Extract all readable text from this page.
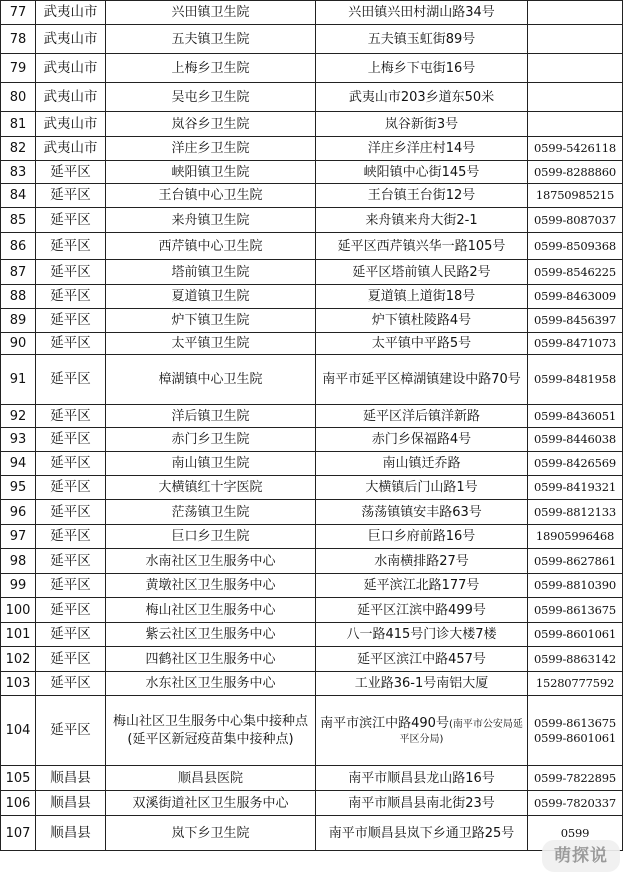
77	武夷山市	兴田镇卫生院	兴田镇兴田村湖山路34号	
78	武夷山市	五夫镇卫生院	五夫镇玉虹街89号	
79	武夷山市	上梅乡卫生院	上梅乡下屯街16号	
80	武夷山市	吴屯乡卫生院	武夷山市203乡道东50米	
81	武夷山市	岚谷乡卫生院	岚谷新街3号	
82	武夷山市	洋庄乡卫生院	洋庄乡洋庄村14号	0599-5426118
83	延平区	峡阳镇卫生院	峡阳镇中心街145号	0599-8288860
84	延平区	王台镇中心卫生院	王台镇王台街12号	18750985215
85	延平区	来舟镇卫生院	来舟镇来舟大街2-1	0599-8087037
86	延平区	西芹镇中心卫生院	延平区西芹镇兴华一路105号	0599-8509368
87	延平区	塔前镇卫生院	延平区塔前镇人民路2号	0599-8546225
88	延平区	夏道镇卫生院	夏道镇上道街18号	0599-8463009
89	延平区	炉下镇卫生院	炉下镇杜陵路4号	0599-8456397
90	延平区	太平镇卫生院	太平镇中平路5号	0599-8471073
91	延平区	樟湖镇中心卫生院	南平市延平区樟湖镇建设中路70号	0599-8481958
92	延平区	洋后镇卫生院	延平区洋后镇洋新路	0599-8436051
93	延平区	赤门乡卫生院	赤门乡保福路4号	0599-8446038
94	延平区	南山镇卫生院	南山镇迁乔路	0599-8426569
95	延平区	大横镇红十字医院	大横镇后门山路1号	0599-8419321
96	延平区	茫荡镇卫生院	荡荡镇镇安丰路63号	0599-8812133
97	延平区	巨口乡卫生院	巨口乡府前路16号	18905996468
98	延平区	水南社区卫生服务中心	水南横排路27号	0599-8627861
99	延平区	黄墩社区卫生服务中心	延平滨江北路177号	0599-8810390
100	延平区	梅山社区卫生服务中心	延平区江滨中路499号	0599-8613675
101	延平区	紫云社区卫生服务中心	八一路415号门诊大楼7楼	0599-8601061
102	延平区	四鹤社区卫生服务中心	延平区滨江中路457号	0599-8863142
103	延平区	水东社区卫生服务中心	工业路36-1号南铝大厦	15280777592
104	延平区	梅山社区卫生服务中心集中接种点(延平区新冠疫苗集中接种点)	南平市滨江中路490号(南平市公安局延平区分局)	0599-8613675
0599-8601061

105	顺昌县	顺昌县医院	南平市顺昌县龙山路16号	0599-7822895
106	顺昌县	双溪街道社区卫生服务中心	南平市顺昌县南北街23号	0599-7820337
107	顺昌县	岚下乡卫生院	南平市顺昌县岚下乡通卫路25号	0599
萌探说
